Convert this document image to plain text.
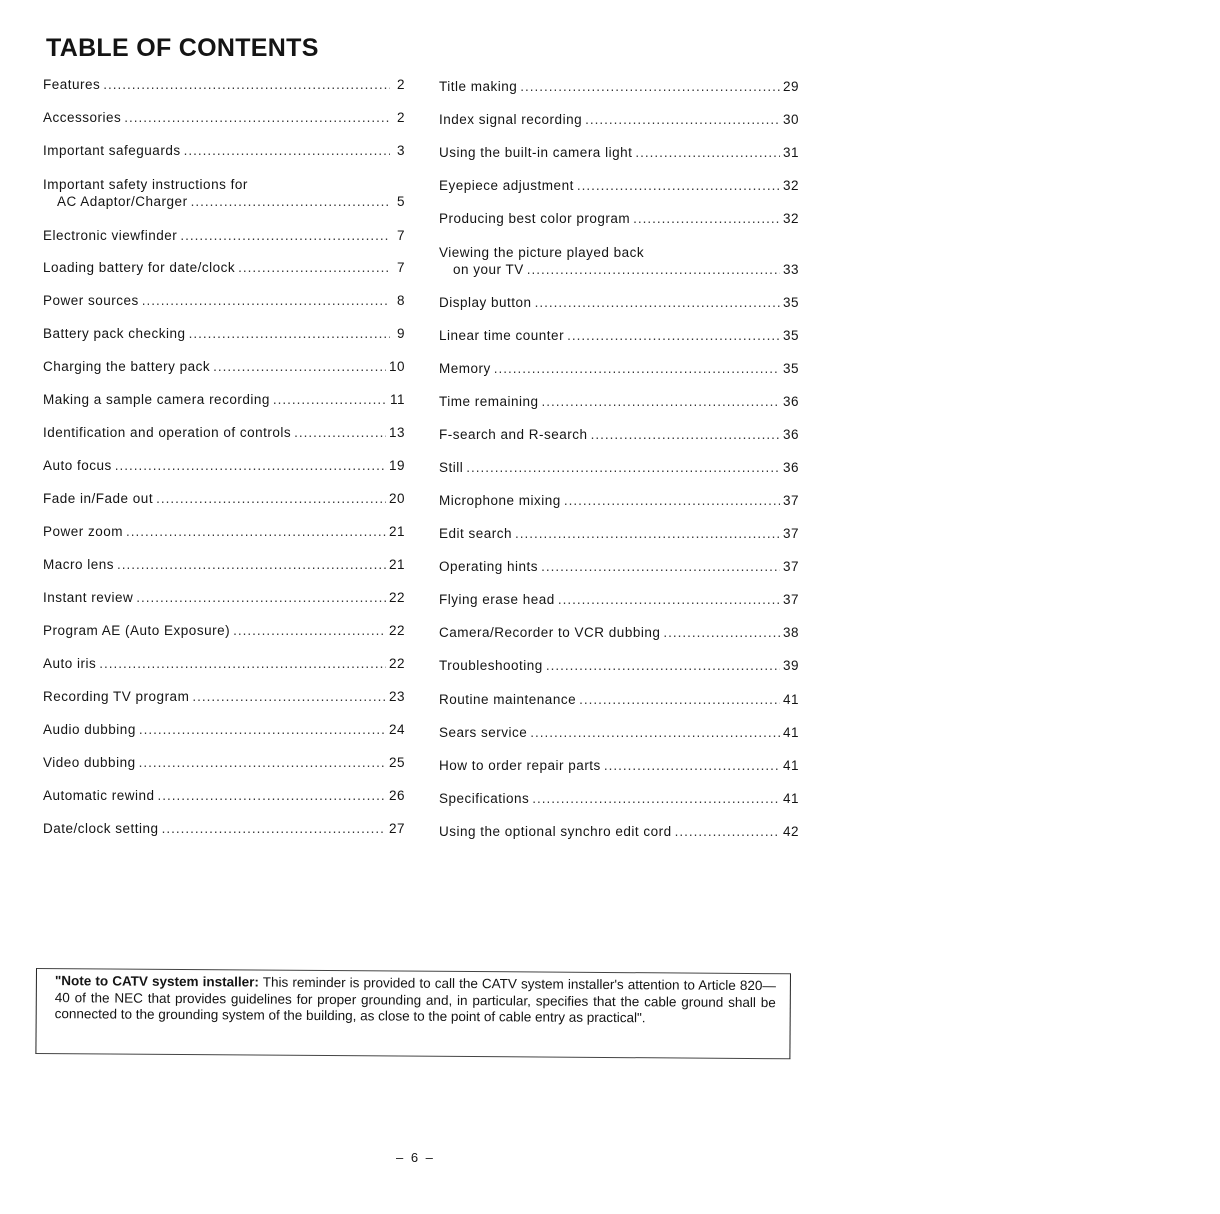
TABLE OF CONTENTS
Features .....	2
Accessories .....	2
Important safeguards .....	3
Important safety instructions for
AC Adaptor/Charger .....	5
Electronic viewfinder .....	7
Loading battery for date/clock .....	7
Power sources .....	8
Battery pack checking .....	9
Charging the battery pack .....	10
Making a sample camera recording .....	11
Identification and operation of controls .....	13
Auto focus .....	19
Fade in/Fade out .....	20
Power zoom .....	21
Macro lens .....	21
Instant review .....	22
Program AE (Auto Exposure) .....	22
Auto iris .....	22
Recording TV program .....	23
Audio dubbing .....	24
Video dubbing .....	25
Automatic rewind .....	26
Date/clock setting .....	27
Title making .....	29
Index signal recording .....	30
Using the built-in camera light .....	31
Eyepiece adjustment .....	32
Producing best color program .....	32
Viewing the picture played back
on your TV .....	33
Display button .....	35
Linear time counter .....	35
Memory .....	35
Time remaining .....	36
F-search and R-search .....	36
Still .....	36
Microphone mixing .....	37
Edit search .....	37
Operating hints .....	37
Flying erase head .....	37
Camera/Recorder to VCR dubbing .....	38
Troubleshooting .....	39
Routine maintenance .....	41
Sears service .....	41
How to order repair parts .....	41
Specifications .....	41
Using the optional synchro edit cord .....	42
"Note to CATV system installer: This reminder is provided to call the CATV system installer's attention to Article 820—40 of the NEC that provides guidelines for proper grounding and, in particular, specifies that the cable ground shall be connected to the grounding system of the building, as close to the point of cable entry as practical".
– 6 –
